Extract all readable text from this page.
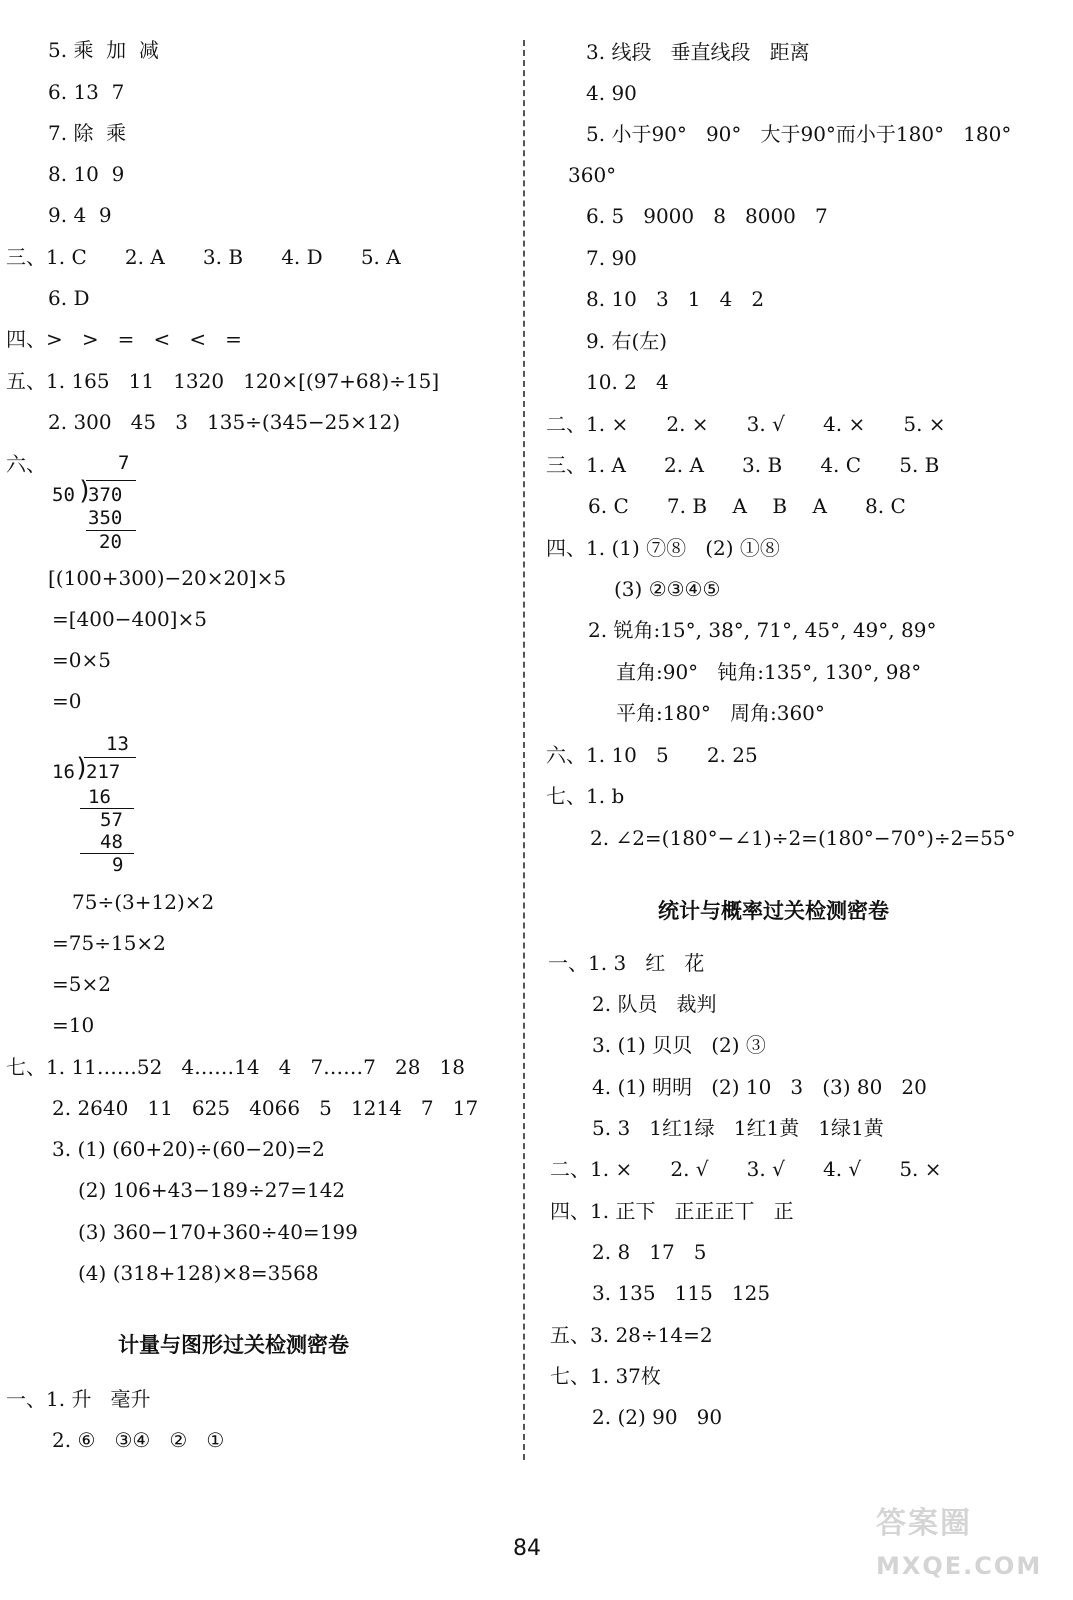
5. 乘  加  减
6. 13  7
7. 除  乘
8. 10  9
9. 4  9
三、1. C      2. A      3. B      4. D      5. A
6. D
四、>   >   =   <   <   =
五、1. 165   11   1320   120×[(97+68)÷15]
2. 300   45   3   135÷(345−25×12)
六、	7
50 )
370
350
20
[(100+300)−20×20]×5
=[400−400]×5
=0×5
=0
13
16 )
217
16
57
48
9
75÷(3+12)×2
=75÷15×2
=5×2
=10
七、1. 11……52   4……14   4   7……7   28   18
2. 2640   11   625   4066   5   1214   7   17
3. (1) (60+20)÷(60−20)=2
(2) 106+43−189÷27=142
(3) 360−170+360÷40=199
(4) (318+128)×8=3568
计量与图形过关检测密卷
一、1. 升   毫升
2. ⑥   ③④   ②   ①
3. 线段   垂直线段   距离
4. 90
5. 小于90°   90°   大于90°而小于180°   180°
360°
6. 5   9000   8   8000   7
7. 90
8. 10   3   1   4   2
9. 右(左)
10. 2   4
二、1. ×      2. ×      3. √      4. ×      5. ×
三、1. A      2. A      3. B      4. C      5. B
6. C      7. B    A    B    A      8. C
四、1. (1) ⑦⑧   (2) ①⑧
(3) ②③④⑤
2. 锐角:15°, 38°, 71°, 45°, 49°, 89°
直角:90°   钝角:135°, 130°, 98°
平角:180°   周角:360°
六、1. 10   5      2. 25
七、1. b
2. ∠2=(180°−∠1)÷2=(180°−70°)÷2=55°
统计与概率过关检测密卷
一、1. 3   红   花
2. 队员   裁判
3. (1) 贝贝   (2) ③
4. (1) 明明   (2) 10   3   (3) 80   20
5. 3   1红1绿   1红1黄   1绿1黄
二、1. ×      2. √      3. √      4. √      5. ×
四、1. 正下   正正正丅   正
2. 8   17   5
3. 135   115   125
五、3. 28÷14=2
七、1. 37枚
2. (2) 90   90
84
答案圈
MXQE.COM
